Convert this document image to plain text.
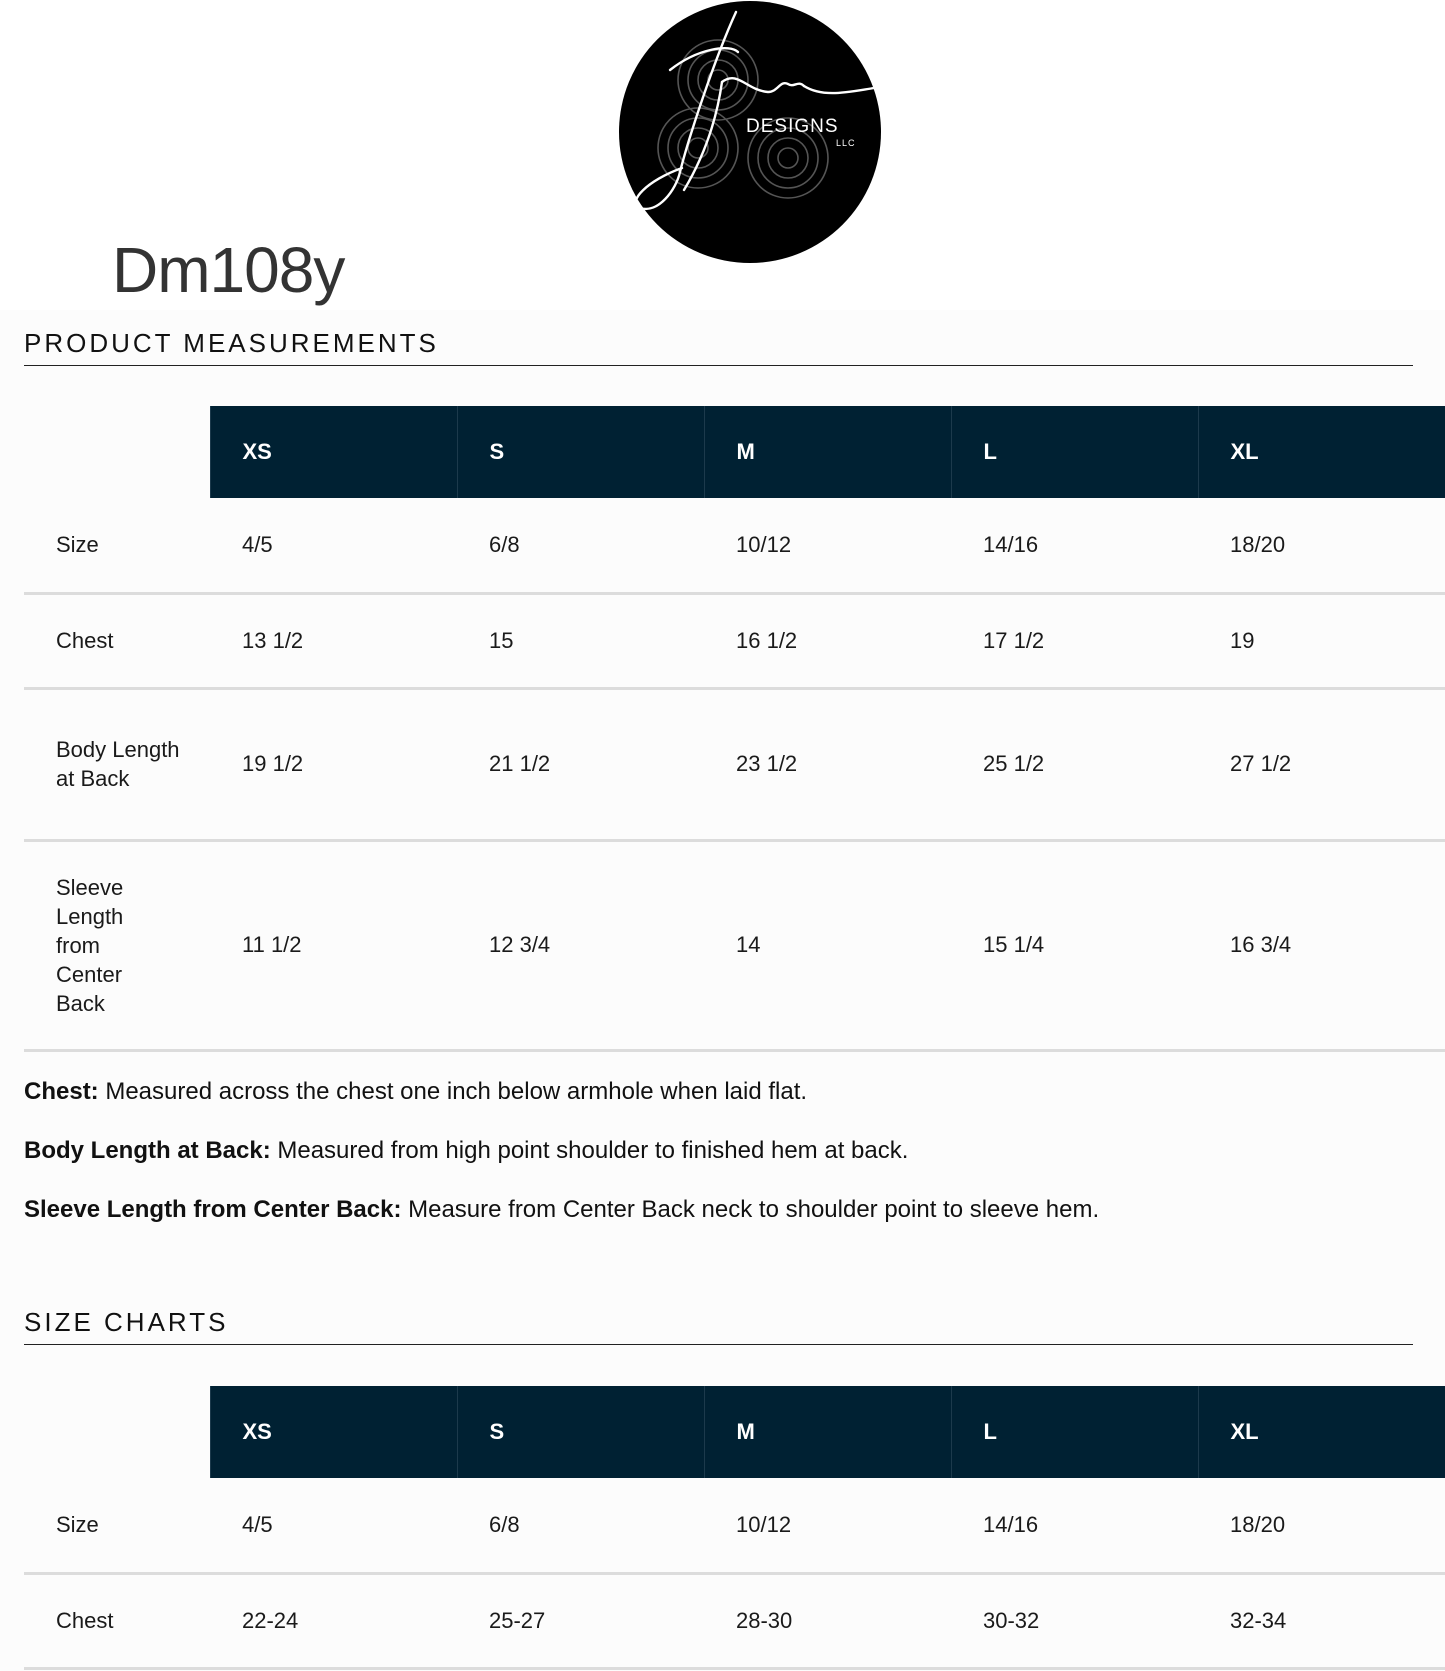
DESIGNS
LLC
Dm108y
PRODUCT MEASUREMENTS
	XS	S	M	L	XL
Size	4/5	6/8	10/12	14/16	18/20
Chest	13 1/2	15	16 1/2	17 1/2	19
Body Length at Back	19 1/2	21 1/2	23 1/2	25 1/2	27 1/2
Sleeve Length from Center Back	11 1/2	12 3/4	14	15 1/4	16 3/4

Chest: Measured across the chest one inch below armhole when laid flat.

Body Length at Back: Measured from high point shoulder to finished hem at back.

Sleeve Length from Center Back: Measure from Center Back neck to shoulder point to sleeve hem.

SIZE CHARTS
	XS	S	M	L	XL
Size	4/5	6/8	10/12	14/16	18/20
Chest	22-24	25-27	28-30	30-32	32-34
